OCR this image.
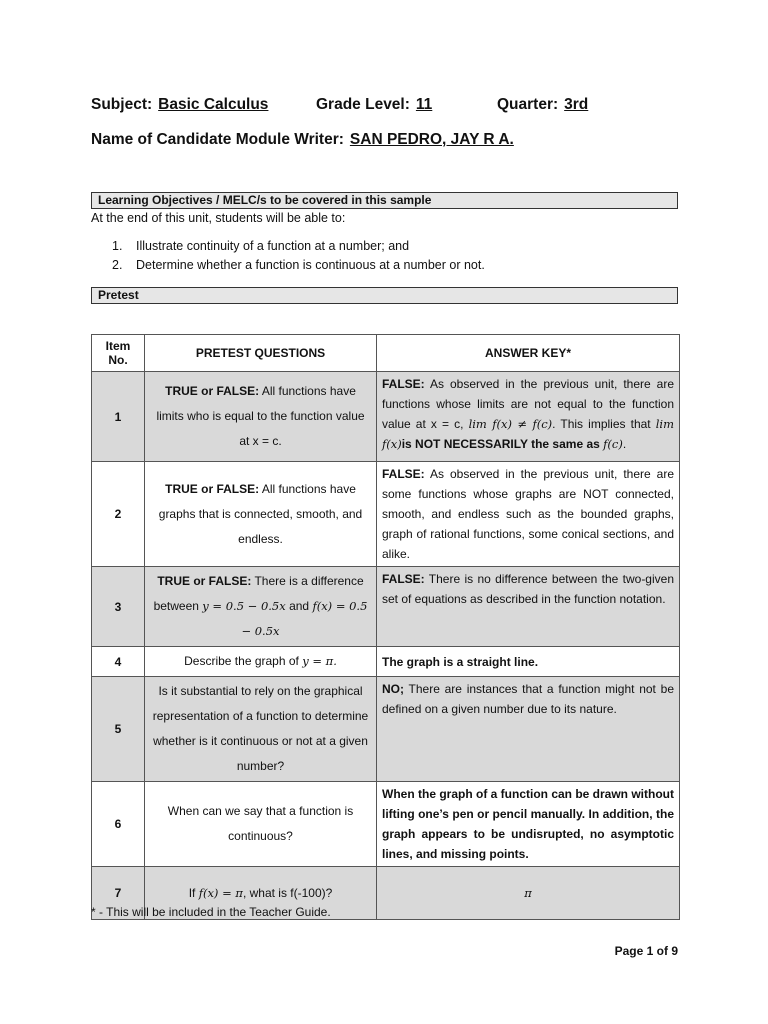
Subject: Basic Calculus	Grade Level: 11	Quarter: 3rd
Name of Candidate Module Writer: SAN PEDRO, JAY R A.
Learning Objectives / MELC/s to be covered in this sample
At the end of this unit, students will be able to:
1. Illustrate continuity of a function at a number; and
2. Determine whether a function is continuous at a number or not.
Pretest
Item No.	PRETEST QUESTIONS	ANSWER KEY*
1	TRUE or FALSE: All functions have limits who is equal to the function value at x = c.	FALSE: As observed in the previous unit, there are functions whose limits are not equal to the function value at x = c, lim f(x) ≠ f(c). This implies that lim f(x)is NOT NECESSARILY the same as f(c).
2	TRUE or FALSE: All functions have graphs that is connected, smooth, and endless.	FALSE: As observed in the previous unit, there are some functions whose graphs are NOT connected, smooth, and endless such as the bounded graphs, graph of rational functions, some conical sections, and alike.
3	TRUE or FALSE: There is a difference between y = 0.5 − 0.5x and f(x) = 0.5 − 0.5x	FALSE: There is no difference between the two-given set of equations as described in the function notation.
4	Describe the graph of y = π.	The graph is a straight line.
5	Is it substantial to rely on the graphical representation of a function to determine whether is it continuous or not at a given number?	NO; There are instances that a function might not be defined on a given number due to its nature.
6	When can we say that a function is continuous?	When the graph of a function can be drawn without lifting one’s pen or pencil manually. In addition, the graph appears to be undisrupted, no asymptotic lines, and missing points.
7	If f(x) = π, what is f(-100)?	π
* - This will be included in the Teacher Guide.
Page 1 of 9
